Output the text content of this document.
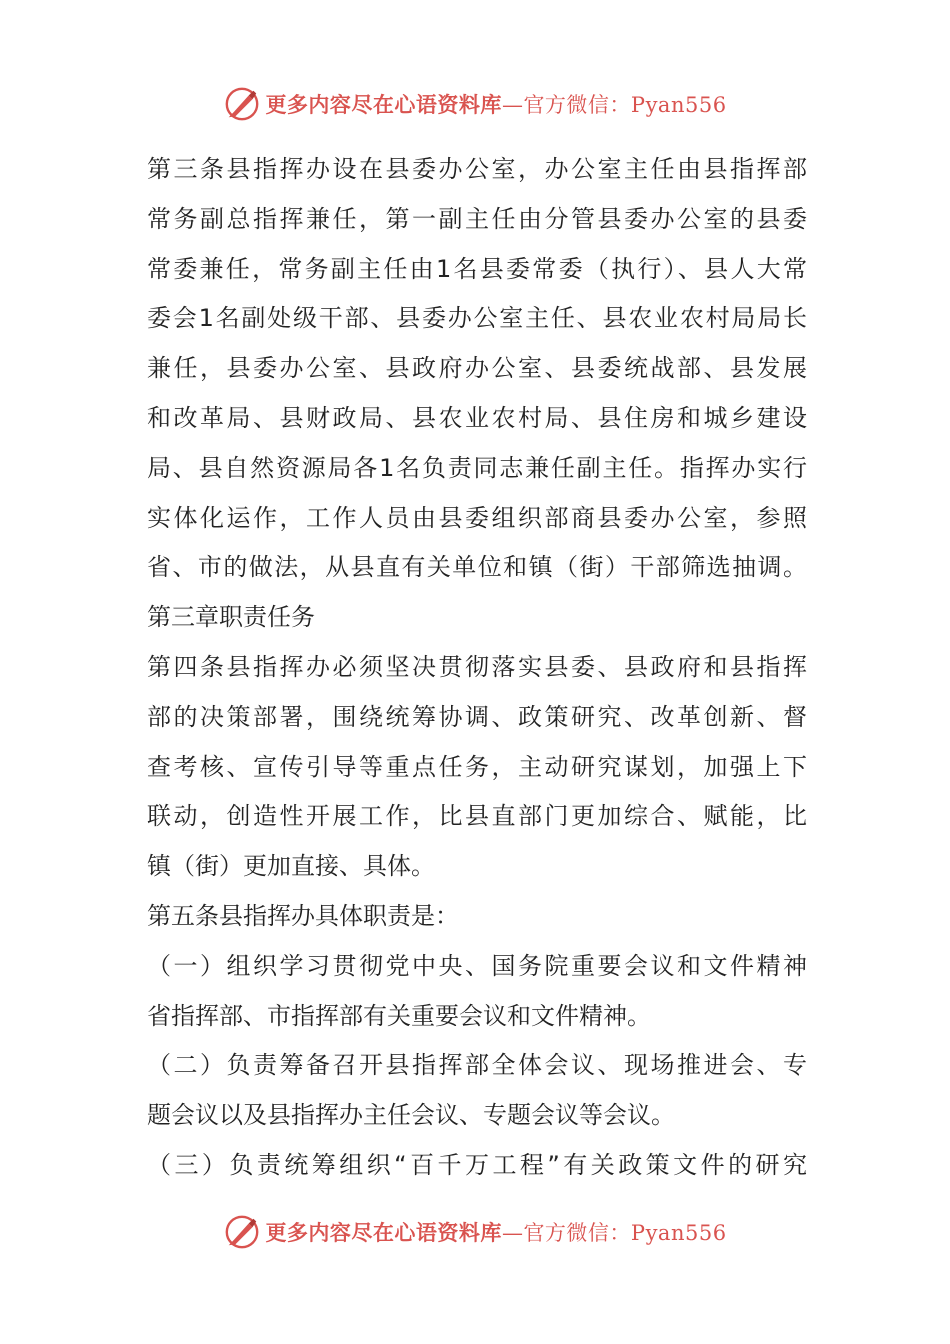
更多内容尽在心语资料库—官方微信：Pyan556
第三条县指挥办设在县委办公室，办公室主任由县指挥部
常务副总指挥兼任，第一副主任由分管县委办公室的县委
常委兼任，常务副主任由1名县委常委（执行）、县人大常
委会1名副处级干部、县委办公室主任、县农业农村局局长
兼任，县委办公室、县政府办公室、县委统战部、县发展
和改革局、县财政局、县农业农村局、县住房和城乡建设
局、县自然资源局各1名负责同志兼任副主任。指挥办实行
实体化运作，工作人员由县委组织部商县委办公室，参照
省、市的做法，从县直有关单位和镇（街）干部筛选抽调。
第三章职责任务
第四条县指挥办必须坚决贯彻落实县委、县政府和县指挥
部的决策部署，围绕统筹协调、政策研究、改革创新、督
查考核、宣传引导等重点任务，主动研究谋划，加强上下
联动，创造性开展工作，比县直部门更加综合、赋能，比
镇（街）更加直接、具体。
第五条县指挥办具体职责是：
（一）组织学习贯彻党中央、国务院重要会议和文件精神
省指挥部、市指挥部有关重要会议和文件精神。
（二）负责筹备召开县指挥部全体会议、现场推进会、专
题会议以及县指挥办主任会议、专题会议等会议。
（三）负责统筹组织“百千万工程”有关政策文件的研究
更多内容尽在心语资料库—官方微信：Pyan556
